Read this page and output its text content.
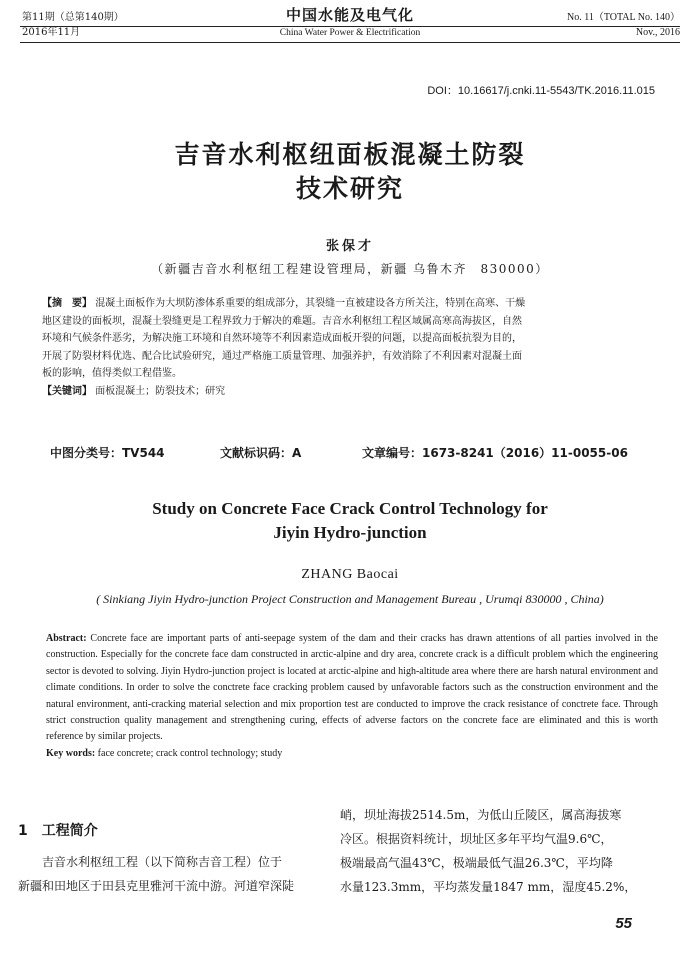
第11期（总第140期）
2016年11月
中国水能及电气化
China Water Power & Electrification
No. 11（TOTAL No. 140）
Nov., 2016
DOI：10.16617/j.cnki.11-5543/TK.2016.11.015
吉音水利枢纽面板混凝土防裂
技术研究
张保才
（新疆吉音水利枢纽工程建设管理局，新疆 乌鲁木齐　830000）
【摘　要】 混凝土面板作为大坝防渗体系重要的组成部分，其裂缝一直被建设各方所关注，特别在高寒、干燥
地区建设的面板坝，混凝土裂缝更是工程界致力于解决的难题。吉音水利枢纽工程区域属高寒高海拔区，自然
环境和气候条件恶劣，为解决施工环境和自然环境等不利因素造成面板开裂的问题，以提高面板抗裂为目的，
开展了防裂材料优选、配合比试验研究，通过严格施工质量管理、加强养护，有效消除了不利因素对混凝土面
板的影响，值得类似工程借鉴。
【关键词】 面板混凝土；防裂技术；研究
中图分类号：TV544	文献标识码：A	文章编号：1673-8241（2016）11-0055-06
Study on Concrete Face Crack Control Technology for
Jiyin Hydro-junction
ZHANG Baocai
( Sinkiang Jiyin Hydro-junction Project Construction and Management Bureau , Urumqi 830000 , China)
Abstract: Concrete face are important parts of anti-seepage system of the dam and their cracks has drawn attentions of all parties involved in the construction. Especially for the concrete face dam constructed in arctic-alpine and dry area, concrete crack is a difficult problem which the engineering sector is devoted to solving. Jiyin Hydro-junction project is located at arctic-alpine and high-altitude area where there are harsh natural environment and climate conditions. In order to solve the conctrete face cracking problem caused by unfavorable factors such as the construction environment and the natural environment, anti-cracking material selection and mix proportion test are conducted to improve the crack resistance of conctrete face. Through strict construction quality management and strengthening curing, effects of adverse factors on the concrete face are eliminated and this is worth reference by similar projects.
Key words: face concrete; crack control technology; study
1　工程简介
　　吉音水利枢纽工程（以下简称吉音工程）位于
新疆和田地区于田县克里雅河干流中游。河道窄深陡
峭，坝址海拔2514.5m，为低山丘陵区，属高海拔寒
冷区。根据资料统计，坝址区多年平均气温9.6℃，
极端最高气温43℃，极端最低气温26.3℃，平均降
水量123.3mm，平均蒸发量1847 mm，湿度45.2%，
55
